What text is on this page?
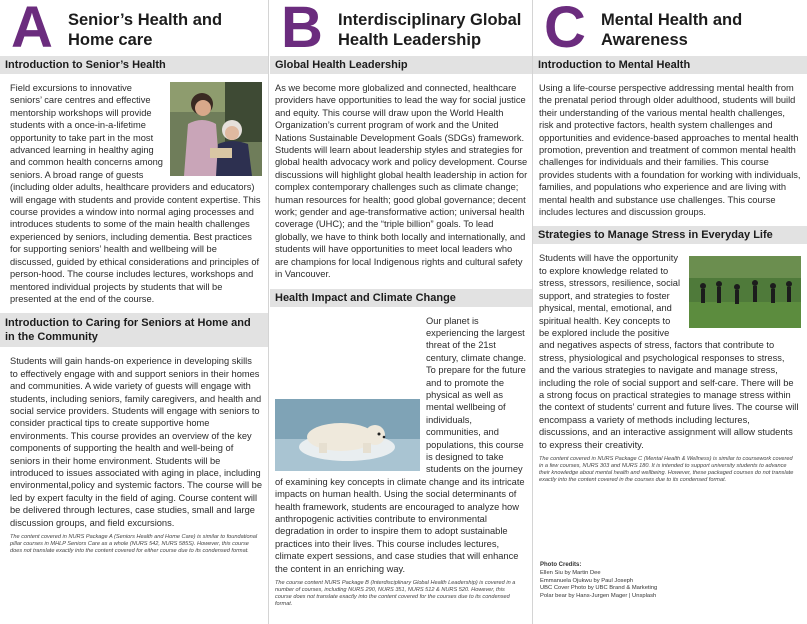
A Senior’s Health and
Home care
Introduction to Senior’s Health
Field excursions to innovative seniors’ care centres and effective mentorship workshops will provide students with a once-in-a-lifetime opportunity to take part in the most advanced learning in healthy aging and common health concerns among seniors. A broad range of guests (including older adults, healthcare providers and educators) will engage with students and provide content expertise. This course provides a window into normal aging processes and introduces students to some of the main health challenges experienced by seniors, including dementia. Best practices for supporting seniors’ health and wellbeing will be discussed, guided by ethical considerations and principles of person-hood. The course includes lectures, workshops and mentored individual projects by students that will be presented at the end of the course.
Introduction to Caring for Seniors at Home and in the Community
Students will gain hands-on experience in developing skills to effectively engage with and support seniors in their homes and communities. A wide variety of guests will engage with students, including seniors, family caregivers, and health and social service providers. Students will engage with seniors to consider practical tips to create supportive home environments. This course provides an overview of the key components of supporting the health and well-being of seniors in their home environment. Students will be introduced to issues associated with aging in place, including environmental,policy and systemic factors. The course will be led by expert faculty in the field of aging. Course content will be delivered through lectures, case studies, small and large discussion groups, and field excursions.
The content covered in NURS Package A (Seniors Health and Home Care) is similar to foundational pillar courses in MHLP Seniors Care as a whole (NURS 542, NURS 585S). However, this course does not translate exactly into the content covered for either course due to its condensed format.
B Interdisciplinary Global
Health Leadership
Global Health Leadership
As we become more globalized and connected, healthcare providers have opportunities to lead the way for social justice and equity. This course will draw upon the World Health Organization’s current program of work and the United Nations Sustainable Development Goals (SDGs) framework. Students will learn about leadership styles and strategies for global health advocacy work and policy development. Course discussions will highlight global health leadership in action for complex contemporary challenges such as climate change; human resources for health; good global governance; decent work; gender and age-transformative action; universal health coverage (UHC); and the “triple billion” goals. To lead globally, we have to think both locally and internationally, and students will have opportunities to meet local leaders who are champions for local Indigenous rights and cultural safety in Vancouver.
Health Impact and Climate Change
Our planet is experiencing the largest threat of the 21st century, climate change. To prepare for the future and to promote the physical as well as mental wellbeing of individuals, communities, and populations, this course is designed to take students on the journey of examining key concepts in climate change and its intricate impacts on human health. Using the social determinants of health framework, students are encouraged to analyze how anthropogenic activities contribute to environmental degradation in order to inspire them to adopt sustainable practices into their lives. This course includes lectures, climate expert sessions, and case studies that will enhance the content in an enriching way.
The course content NURS Package B (Interdisciplinary Global Health Leadership) is covered in a number of courses, including NURS 290, NURS 351, NURS 512 & NURS 520. However, this course does not translate exactly into the content covered for the courses due to its condensed format.
C Mental Health and
Awareness
Introduction to Mental Health
Using a life-course perspective addressing mental health from the prenatal period through older adulthood, students will build their understanding of the various mental health challenges, risk and protective factors, health system challenges and opportunities and evidence-based approaches to mental health promotion, prevention and treatment of common mental health challenges for individuals and their families. This course provides students with a foundation for working with individuals, families, and populations who experience and are living with mental health and substance use challenges. This course includes lectures and discussion groups.
Strategies to Manage Stress in Everyday Life
Students will have the opportunity to explore knowledge related to stress, stressors, resilience, social support, and strategies to foster physical, mental, emotional, and spiritual health. Key concepts to be explored include the positive and negatives aspects of stress, factors that contribute to stress, physiological and psychological responses to stress, and the various strategies to navigate and manage stress, including the role of social support and self-care. There will be a strong focus on practical strategies to manage stress within the context of students’ current and future lives. The course will encompass a variety of methods including lectures, discussions, and an interactive assignment will allow students to express their creativity.
The content covered in NURS Package C (Mental Health & Wellness) is similar to coursework covered in a few courses, NURS 303 and NURS 180. It is intended to support university students to advance their knowledge about mental health and wellbeing. However, these packaged courses do not translate exactly into the content covered in the courses due to its condensed format.
Photo Credits:
Ellen Siu by Martin Dee
Emmanuela Ojukwu by Paul Joseph
UBC Cover Photo by UBC Brand & Marketing
Polar bear by Hans-Jurgen Mager | Unsplash
